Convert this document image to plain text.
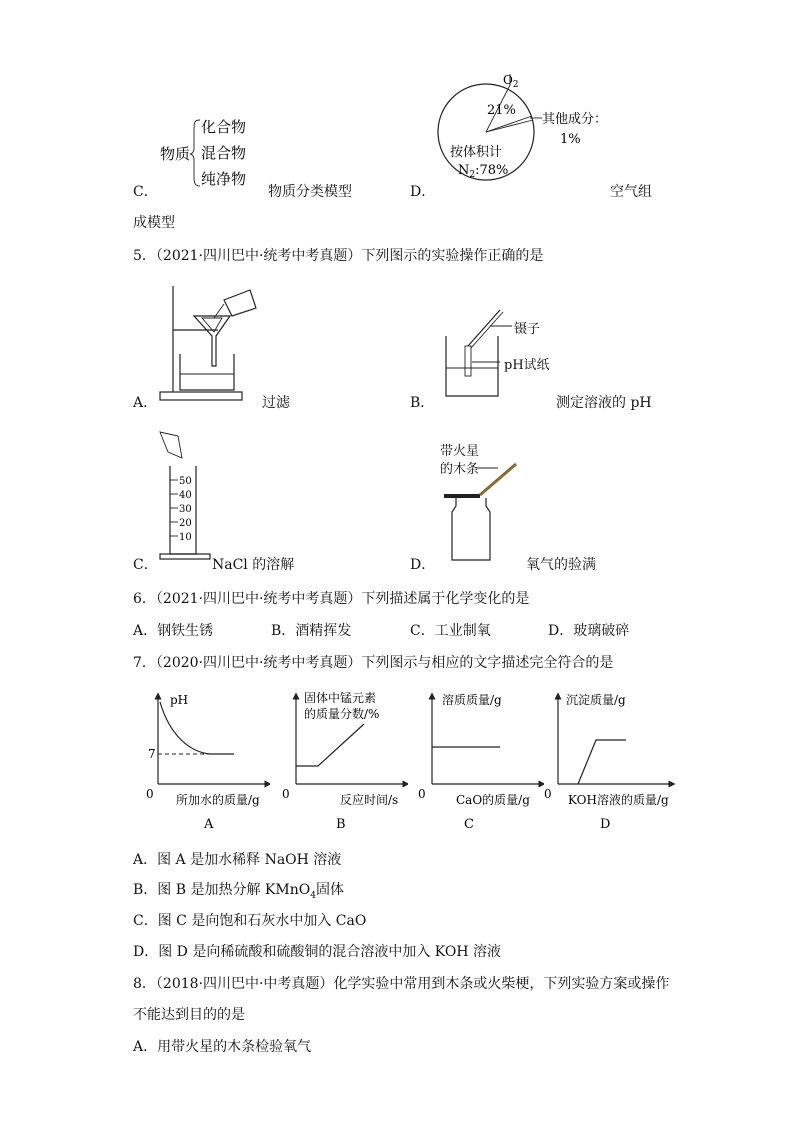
物质
化合物
混合物
纯净物
C．	物质分类模型
$O_2$
21%
其他成分：
1%
按体积计
$N_2:78\%$
D．	空气组
成模型
5．（2021·四川巴中·统考中考真题）下列图示的实验操作正确的是
A．	过滤
镊子
pH试纸
B．	测定溶液的 pH
50
40
30
20
10
C．	NaCl 的溶解
带火星
的木条
D．	氧气的验满
6．（2021·四川巴中·统考中考真题）下列描述属于化学变化的是
A．钢铁生锈	B．酒精挥发	C．工业制氧	D．玻璃破碎
7．（2020·四川巴中·统考中考真题）下列图示与相应的文字描述完全符合的是
pH
7
0 所加水的质量/g
A
固体中锰元素
的质量分数/%
0	反应时间/s
B
溶质质量/g
0	CaO的质量/g
C
沉淀质量/g
0 KOH溶液的质量/g
D
A．图 A 是加水稀释 NaOH 溶液
B．图 B 是加热分解 KMnO$_4$固体
C．图 C 是向饱和石灰水中加入 CaO
D．图 D 是向稀硫酸和硫酸铜的混合溶液中加入 KOH 溶液
8．（2018·四川巴中·中考真题）化学实验中常用到木条或火柴梗，下列实验方案或操作
不能达到目的的是
A．用带火星的木条检验氧气
